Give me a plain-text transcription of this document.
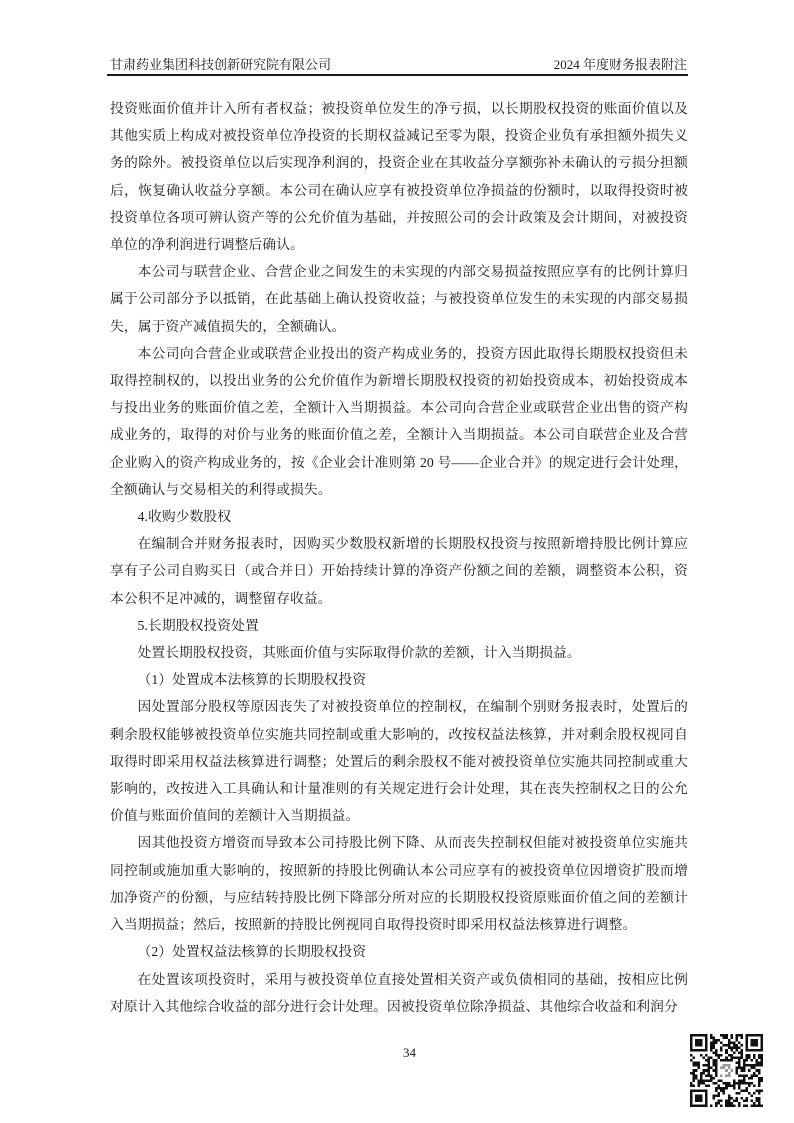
甘肃药业集团科技创新研究院有限公司	2024 年度财务报表附注

投资账面价值并计入所有者权益；被投资单位发生的净亏损，以长期股权投资的账面价值以及其他实质上构成对被投资单位净投资的长期权益减记至零为限，投资企业负有承担额外损失义务的除外。被投资单位以后实现净利润的，投资企业在其收益分享额弥补未确认的亏损分担额后，恢复确认收益分享额。本公司在确认应享有被投资单位净损益的份额时，以取得投资时被投资单位各项可辨认资产等的公允价值为基础，并按照公司的会计政策及会计期间，对被投资单位的净利润进行调整后确认。

本公司与联营企业、合营企业之间发生的未实现的内部交易损益按照应享有的比例计算归属于公司部分予以抵销，在此基础上确认投资收益；与被投资单位发生的未实现的内部交易损失，属于资产减值损失的，全额确认。

本公司向合营企业或联营企业投出的资产构成业务的，投资方因此取得长期股权投资但未取得控制权的，以投出业务的公允价值作为新增长期股权投资的初始投资成本，初始投资成本与投出业务的账面价值之差，全额计入当期损益。本公司向合营企业或联营企业出售的资产构成业务的，取得的对价与业务的账面价值之差，全额计入当期损益。本公司自联营企业及合营企业购入的资产构成业务的，按《企业会计准则第 20 号——企业合并》的规定进行会计处理，全额确认与交易相关的利得或损失。

4.收购少数股权

在编制合并财务报表时，因购买少数股权新增的长期股权投资与按照新增持股比例计算应享有子公司自购买日（或合并日）开始持续计算的净资产份额之间的差额，调整资本公积，资本公积不足冲减的，调整留存收益。

5.长期股权投资处置

处置长期股权投资，其账面价值与实际取得价款的差额，计入当期损益。

（1）处置成本法核算的长期股权投资

因处置部分股权等原因丧失了对被投资单位的控制权，在编制个别财务报表时，处置后的剩余股权能够被投资单位实施共同控制或重大影响的，改按权益法核算，并对剩余股权视同自取得时即采用权益法核算进行调整；处置后的剩余股权不能对被投资单位实施共同控制或重大影响的，改按进入工具确认和计量准则的有关规定进行会计处理，其在丧失控制权之日的公允价值与账面价值间的差额计入当期损益。

因其他投资方增资而导致本公司持股比例下降、从而丧失控制权但能对被投资单位实施共同控制或施加重大影响的，按照新的持股比例确认本公司应享有的被投资单位因增资扩股而增加净资产的份额，与应结转持股比例下降部分所对应的长期股权投资原账面价值之间的差额计入当期损益；然后，按照新的持股比例视同自取得投资时即采用权益法核算进行调整。

（2）处置权益法核算的长期股权投资

在处置该项投资时，采用与被投资单位直接处置相关资产或负债相同的基础，按相应比例对原计入其他综合收益的部分进行会计处理。因被投资单位除净损益、其他综合收益和利润分

34
